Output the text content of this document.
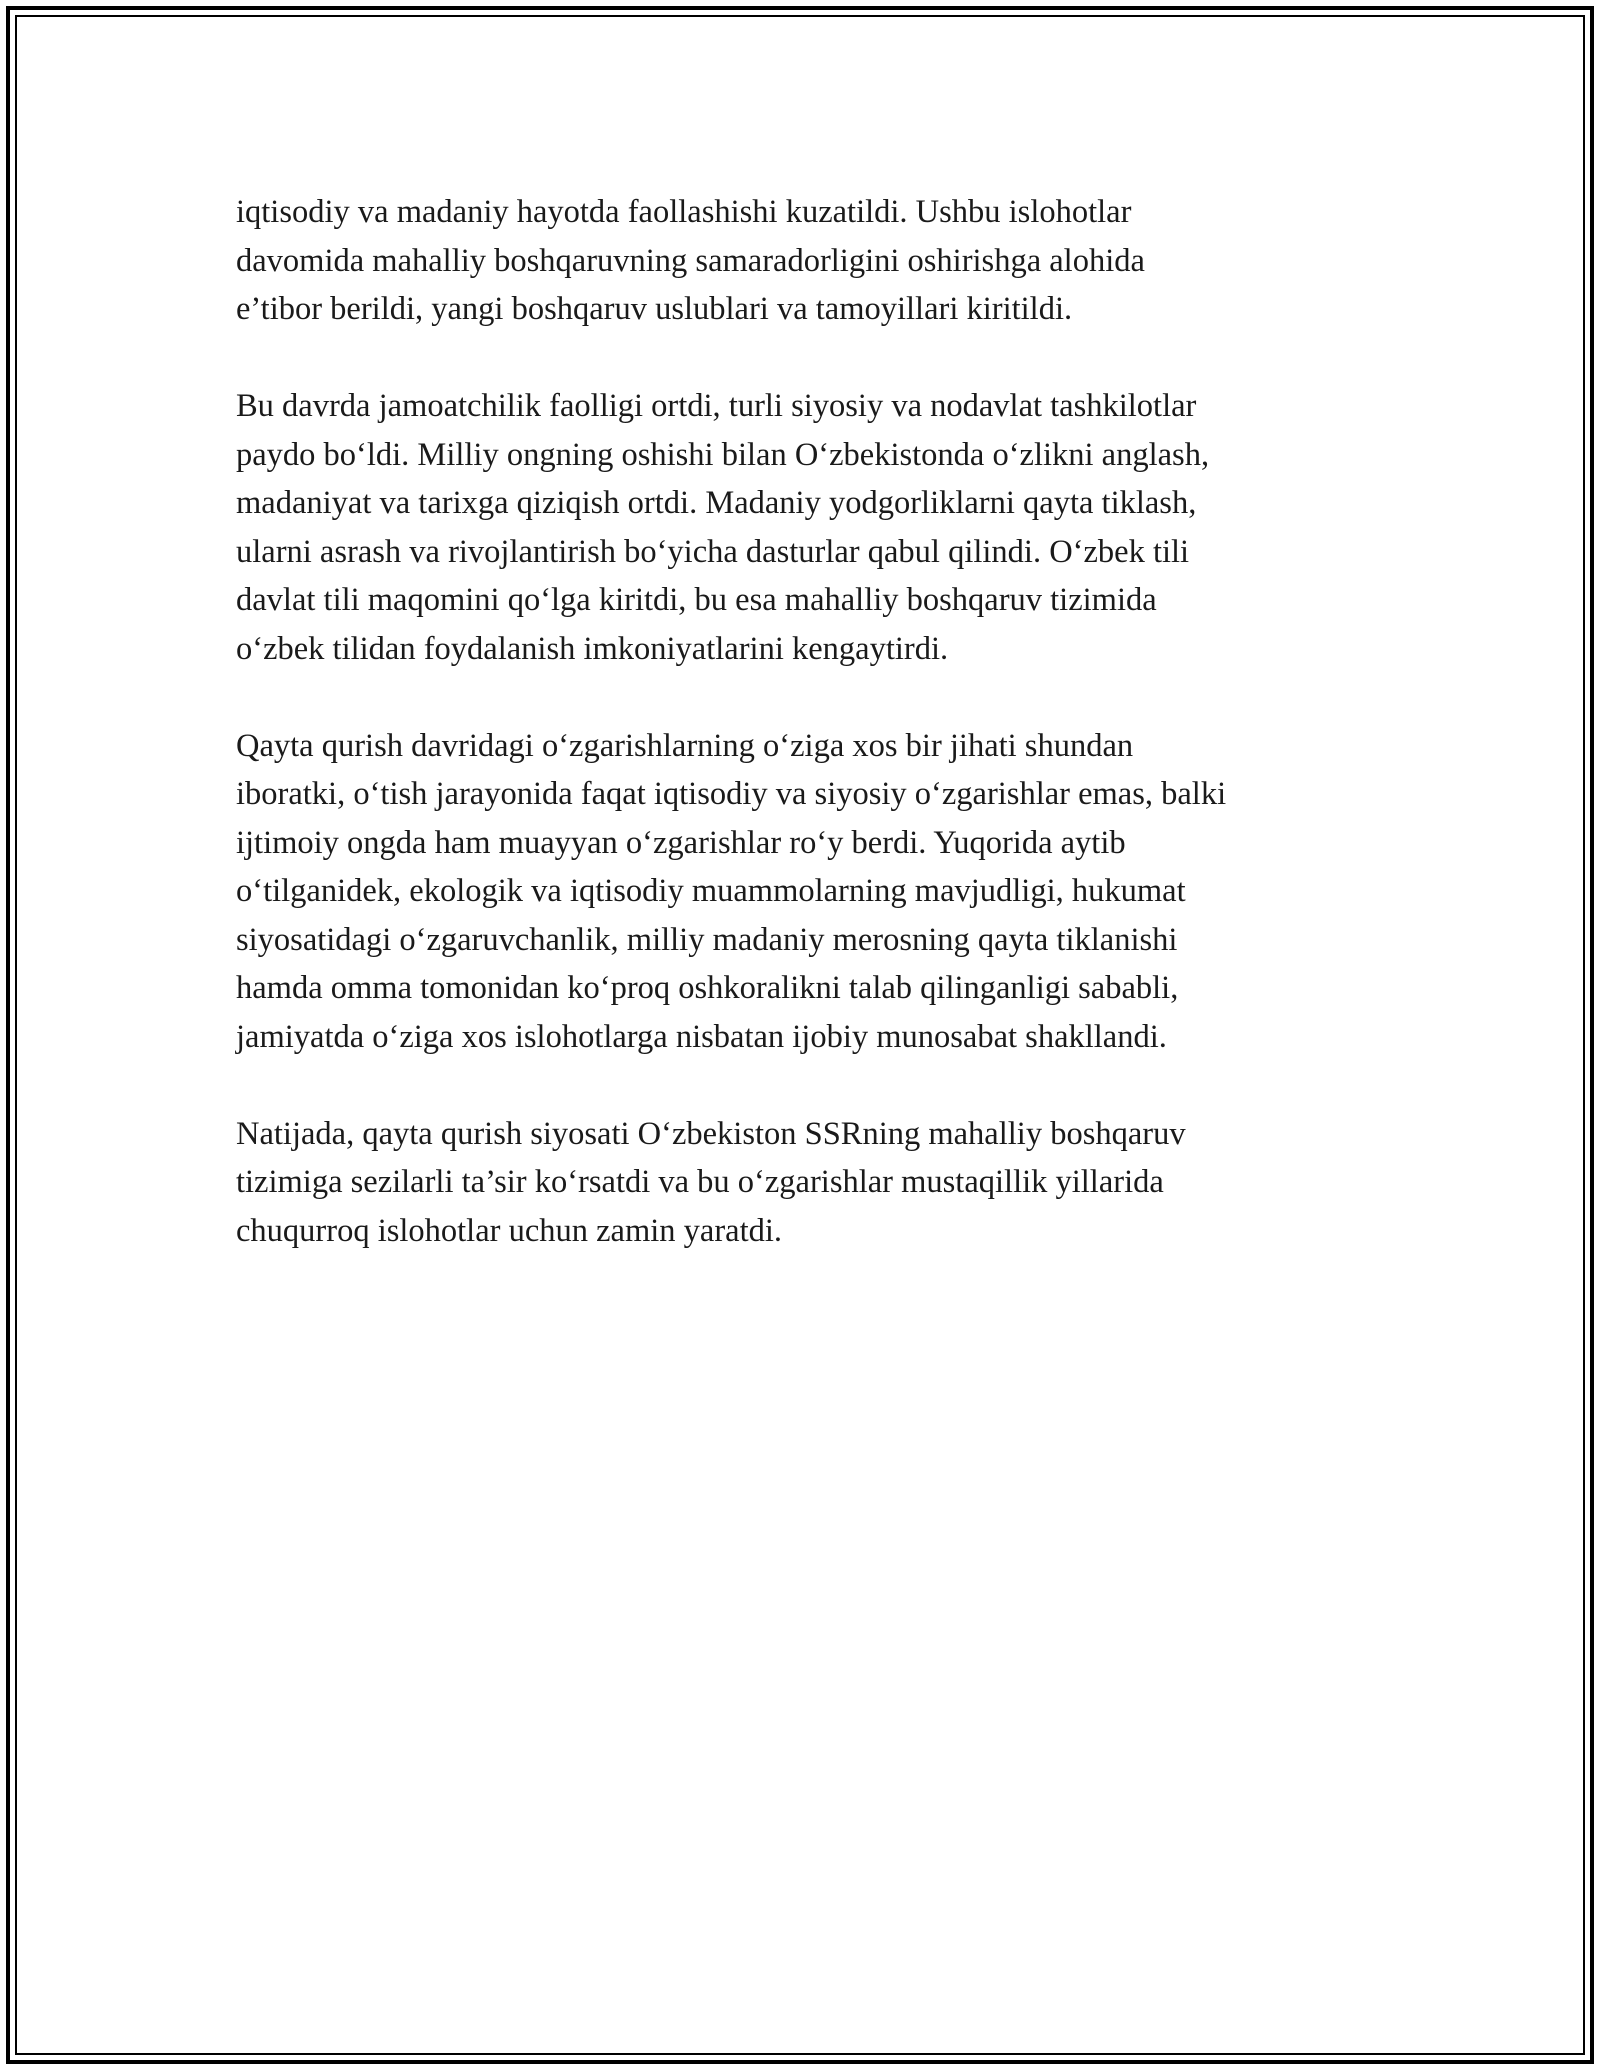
iqtisodiy va madaniy hayotda faollashishi kuzatildi. Ushbu islohotlar
davomida mahalliy boshqaruvning samaradorligini oshirishga alohida
e’tibor berildi, yangi boshqaruv uslublari va tamoyillari kiritildi.

Bu davrda jamoatchilik faolligi ortdi, turli siyosiy va nodavlat tashkilotlar
paydo bo‘ldi. Milliy ongning oshishi bilan O‘zbekistonda o‘zlikni anglash,
madaniyat va tarixga qiziqish ortdi. Madaniy yodgorliklarni qayta tiklash,
ularni asrash va rivojlantirish bo‘yicha dasturlar qabul qilindi. O‘zbek tili
davlat tili maqomini qo‘lga kiritdi, bu esa mahalliy boshqaruv tizimida
o‘zbek tilidan foydalanish imkoniyatlarini kengaytirdi.

Qayta qurish davridagi o‘zgarishlarning o‘ziga xos bir jihati shundan
iboratki, o‘tish jarayonida faqat iqtisodiy va siyosiy o‘zgarishlar emas, balki
ijtimoiy ongda ham muayyan o‘zgarishlar ro‘y berdi. Yuqorida aytib
o‘tilganidek, ekologik va iqtisodiy muammolarning mavjudligi, hukumat
siyosatidagi o‘zgaruvchanlik, milliy madaniy merosning qayta tiklanishi
hamda omma tomonidan ko‘proq oshkoralikni talab qilinganligi sababli,
jamiyatda o‘ziga xos islohotlarga nisbatan ijobiy munosabat shakllandi.

Natijada, qayta qurish siyosati O‘zbekiston SSRning mahalliy boshqaruv
tizimiga sezilarli ta’sir ko‘rsatdi va bu o‘zgarishlar mustaqillik yillarida
chuqurroq islohotlar uchun zamin yaratdi.
